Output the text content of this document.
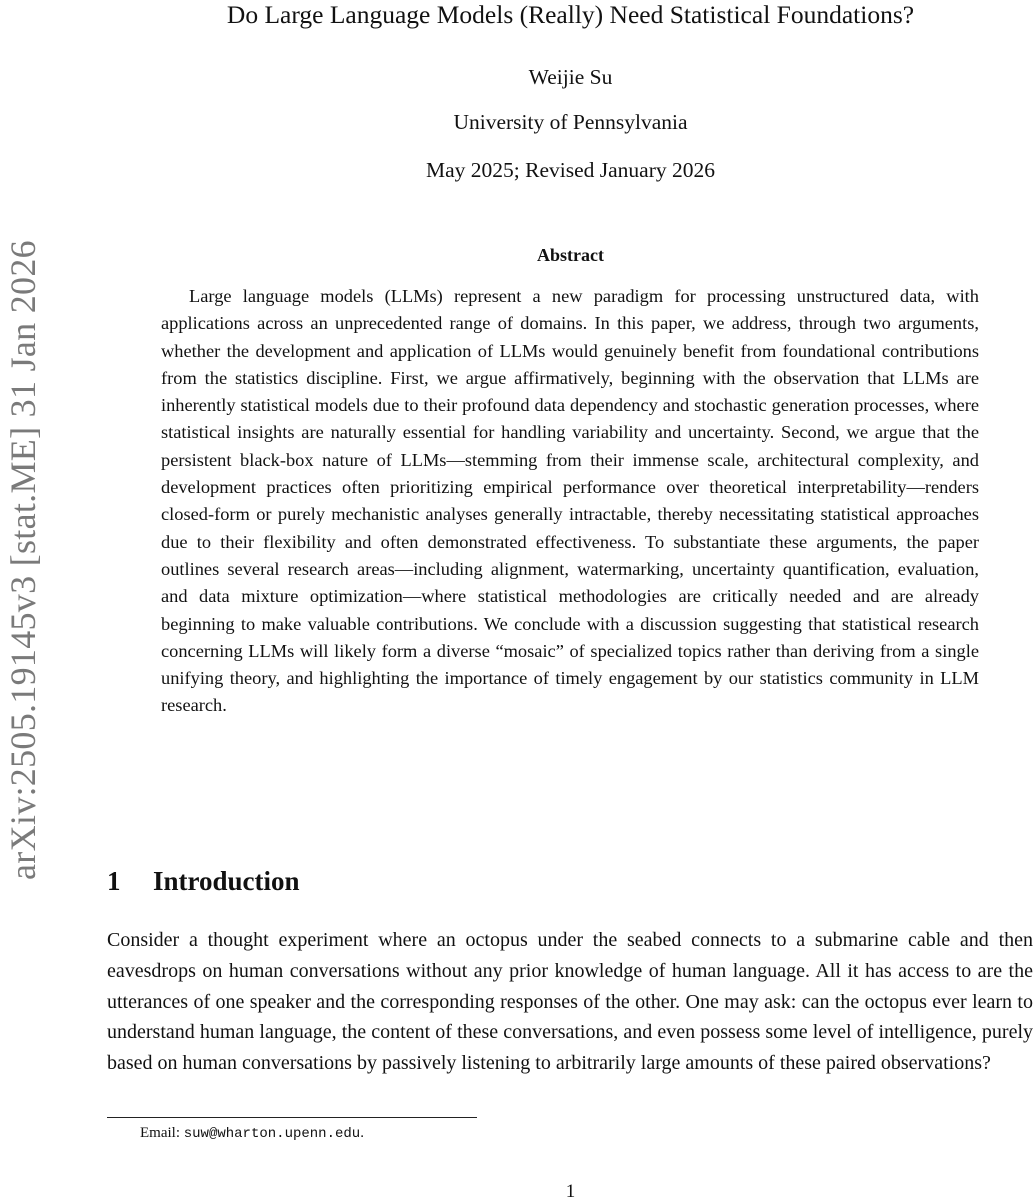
arXiv:2505.19145v3 [stat.ME] 31 Jan 2026
Do Large Language Models (Really) Need Statistical Foundations?
Weijie Su
University of Pennsylvania
May 2025; Revised January 2026
Abstract

Large language models (LLMs) represent a new paradigm for processing unstructured data, with applications across an unprecedented range of domains. In this paper, we address, through two arguments, whether the development and application of LLMs would genuinely benefit from foundational contributions from the statistics discipline. First, we argue affirmatively, beginning with the observation that LLMs are inherently statistical models due to their profound data dependency and stochastic generation processes, where statistical insights are naturally essential for handling variability and uncertainty. Second, we argue that the persistent black-box nature of LLMs—stemming from their immense scale, architectural complexity, and development practices often prioritizing empirical performance over theoretical interpretability—renders closed-form or purely mechanistic analyses generally intractable, thereby necessitating statistical approaches due to their flexibility and often demonstrated effectiveness. To substantiate these arguments, the paper outlines several research areas—including alignment, watermarking, uncertainty quantification, evaluation, and data mixture optimization—where statistical methodologies are critically needed and are already beginning to make valuable contributions. We conclude with a discussion suggesting that statistical research concerning LLMs will likely form a diverse “mosaic” of specialized topics rather than deriving from a single unifying theory, and highlighting the importance of timely engagement by our statistics community in LLM research.

1 Introduction

Consider a thought experiment where an octopus under the seabed connects to a submarine cable and then eavesdrops on human conversations without any prior knowledge of human language. All it has access to are the utterances of one speaker and the corresponding responses of the other. One may ask: can the octopus ever learn to understand human language, the content of these conversations, and even possess some level of intelligence, purely based on human conversations by passively listening to arbitrarily large amounts of these paired observations?

Email: suw@wharton.upenn.edu.
1
